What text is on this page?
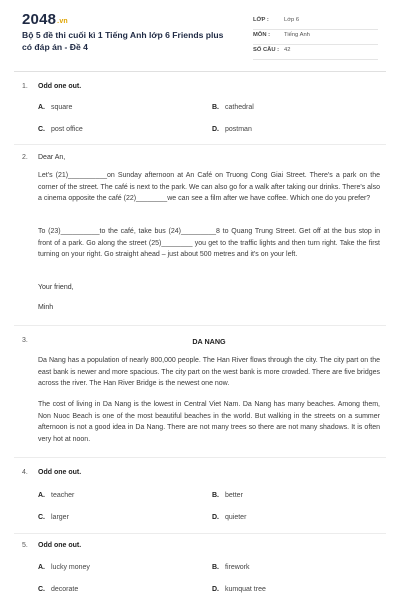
2048.vn
Bộ 5 đề thi cuối kì 1 Tiếng Anh lớp 6 Friends plus có đáp án - Đề 4
LỚP :	Lớp 6
MÔN : Tiếng Anh
SỐ CÂU : 42
1. Odd one out.
A. square	B. cathedral
C. post office	D. postman
2. Dear An,
Let's (21)__________on Sunday afternoon at An Café on Truong Cong Giai Street. There's a park on the corner of the street. The café is next to the park. We can also go for a walk after taking our drinks. There's also a cinema opposite the café (22)________we can see a film after we have coffee. Which one do you prefer?
To (23)__________to the café, take bus (24)_________8 to Quang Trung Street. Get off at the bus stop in front of a park. Go along the street (25)________ you get to the traffic lights and then turn right. Take the first turning on your right. Go straight ahead – just about 500 metres and it's on your left.
Your friend,
Minh
3.	DA NANG
Da Nang has a population of nearly 800,000 people. The Han River flows through the city. The city part on the east bank is newer and more spacious. The city part on the west bank is more crowded. There are five bridges across the river. The Han River Bridge is the newest one now.
The cost of living in Da Nang is the lowest in Central Viet Nam. Da Nang has many beaches. Among them, Non Nuoc Beach is one of the most beautiful beaches in the world. But walking in the streets on a summer afternoon is not a good idea in Da Nang. There are not many trees so there are not many shadows. It is often very hot at noon.
4. Odd one out.
A. teacher	B. better
C. larger	D. quieter
5. Odd one out.
A. lucky money	B. firework
C. decorate	D. kumquat tree
